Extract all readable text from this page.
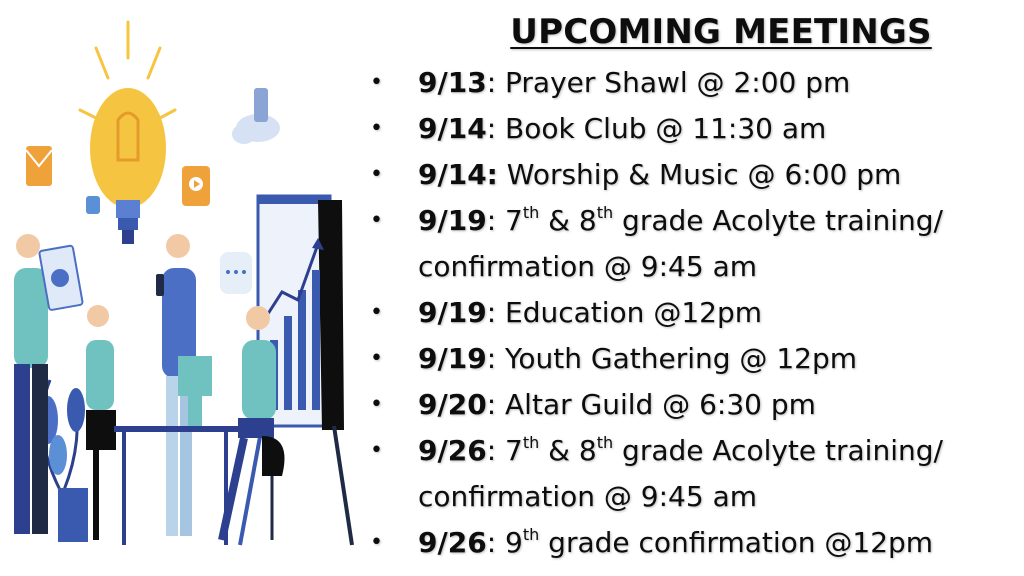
UPCOMING MEETINGS
• 9/13: Prayer Shawl @ 2:00 pm
• 9/14: Book Club @ 11:30 am
• 9/14: Worship & Music @ 6:00 pm
• 9/19: 7th & 8th grade Acolyte training/
confirmation @ 9:45 am
• 9/19: Education @12pm
• 9/19: Youth Gathering @ 12pm
• 9/20: Altar Guild @ 6:30 pm
• 9/26: 7th & 8th grade Acolyte training/
confirmation @ 9:45 am
• 9/26: 9th grade confirmation @12pm
